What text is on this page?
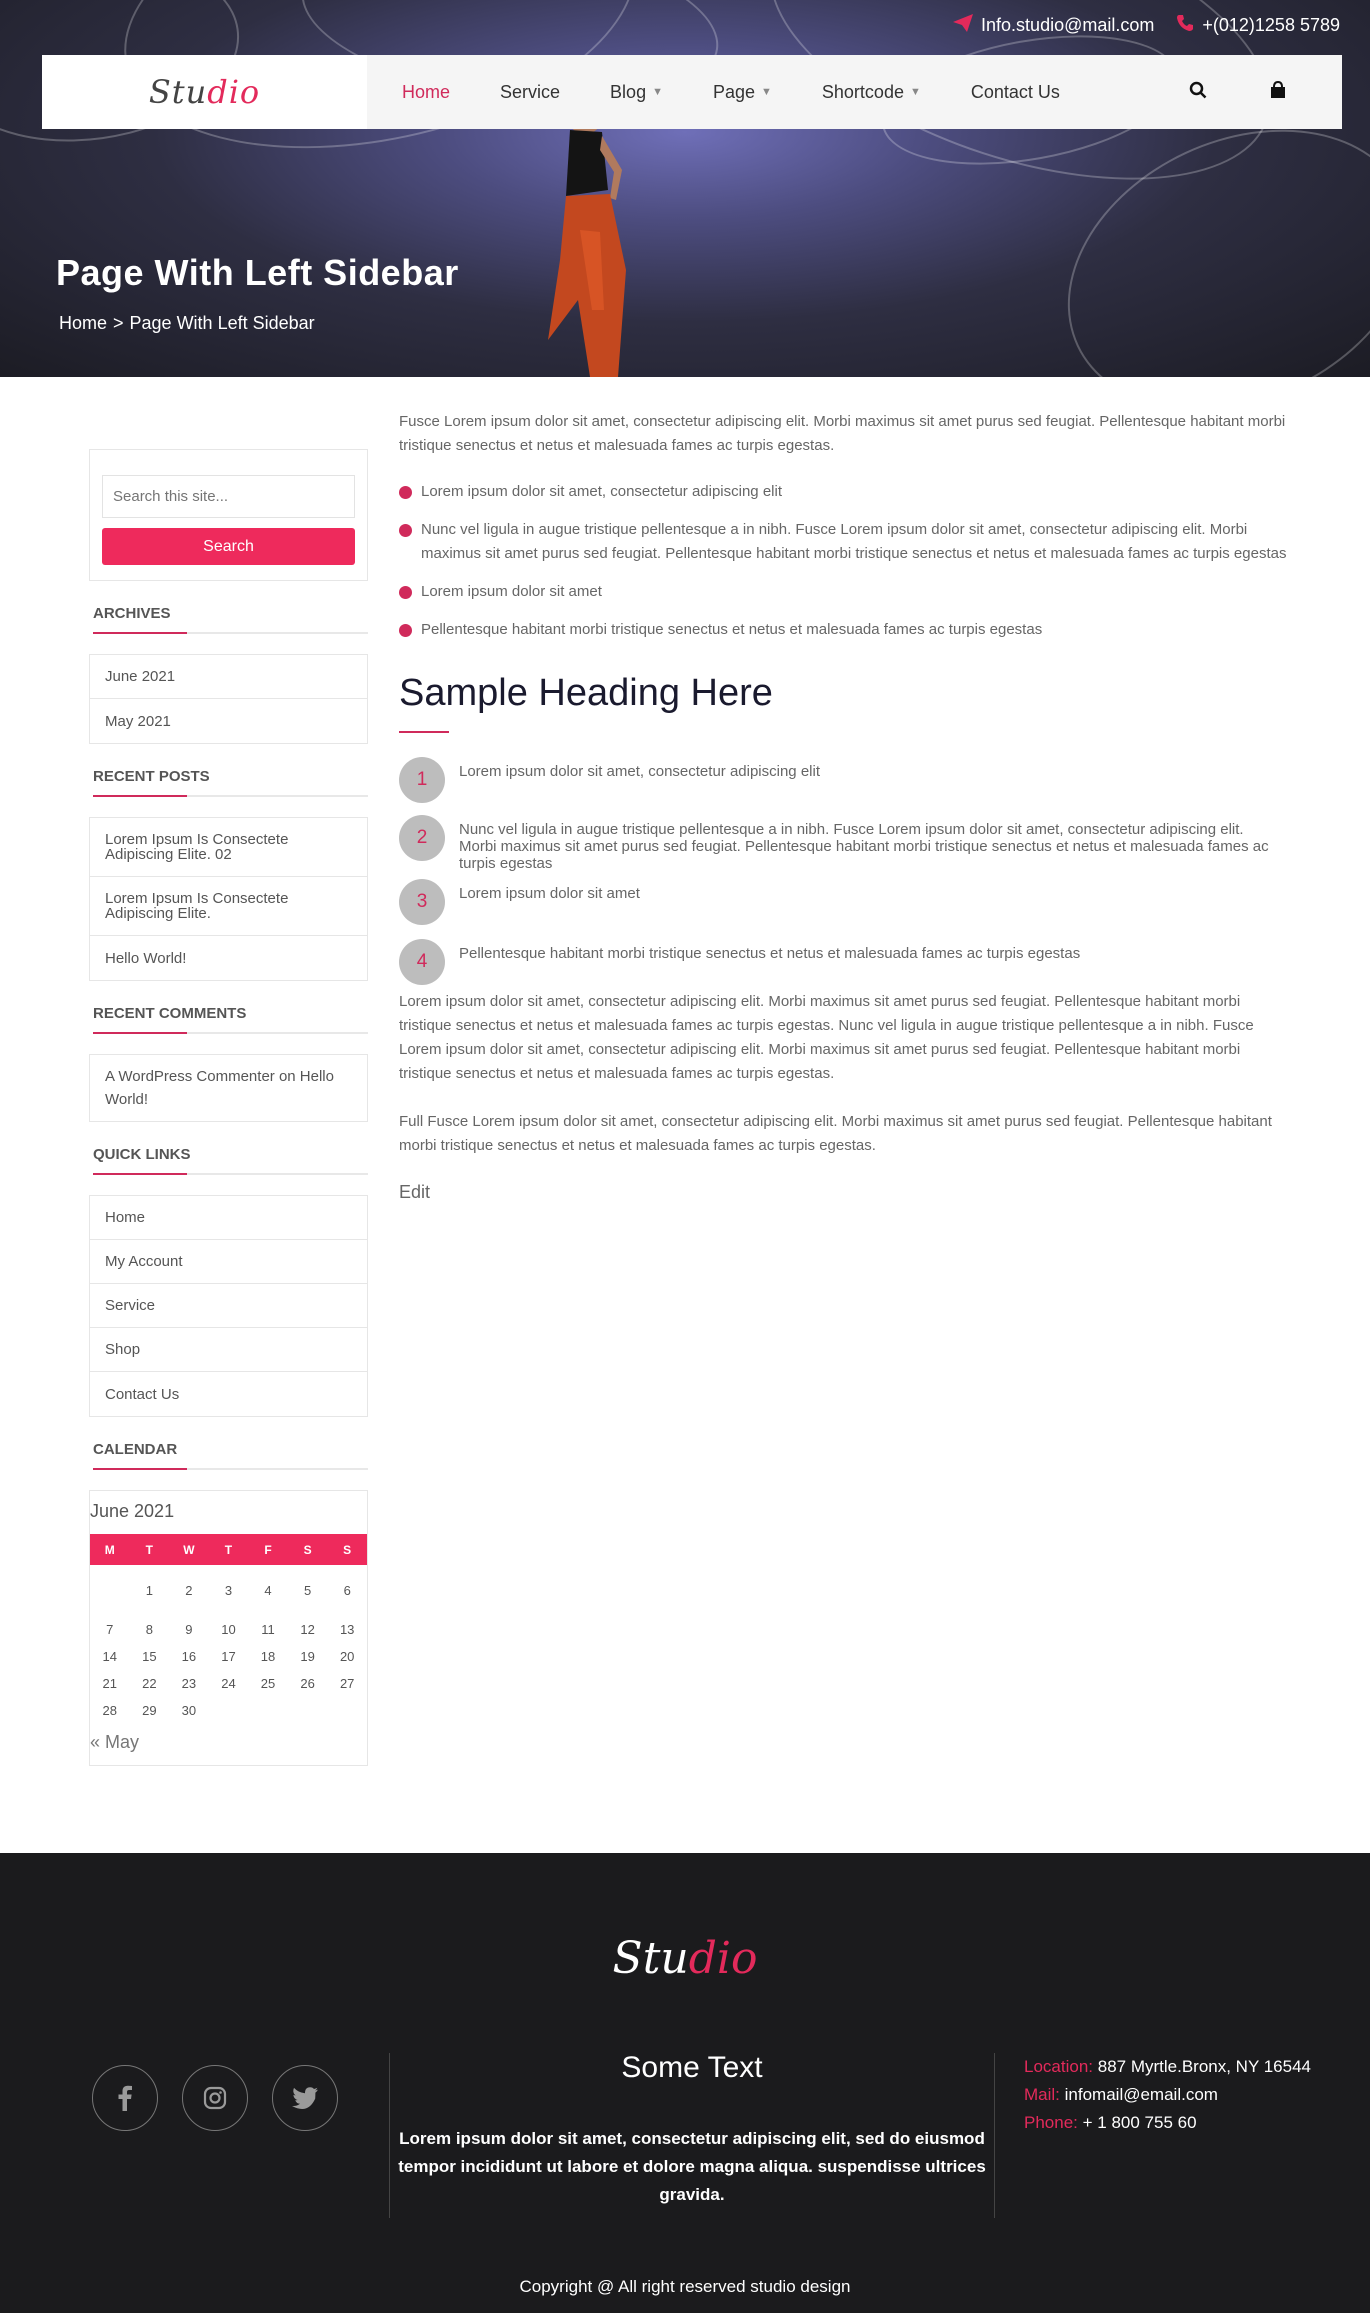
Info.studio@mail.com	+(012)1258 5789
Studio	Home	Service	Blog ▼	Page ▼	Shortcode ▼	Contact Us
Page With Left Sidebar
Home > Page With Left Sidebar
Search this site... Search
ARCHIVES
June 2021
May 2021
RECENT POSTS
Lorem Ipsum Is Consectete Adipiscing Elite. 02
Lorem Ipsum Is Consectete Adipiscing Elite.
Hello World!
RECENT COMMENTS
A WordPress Commenter on Hello World!
QUICK LINKS
Home
My Account
Service
Shop
Contact Us
CALENDAR
June 2021
M	T	W	T	F	S	S

	1	2	3	4	5	6

7	8	9	10	11	12	13
14	15	16	17	18	19	20
21	22	23	24	25	26	27
28	29	30				
« May

Fusce Lorem ipsum dolor sit amet, consectetur adipiscing elit. Morbi maximus sit amet purus sed feugiat. Pellentesque habitant morbi tristique senectus et netus et malesuada fames ac turpis egestas.

Lorem ipsum dolor sit amet, consectetur adipiscing elit
Nunc vel ligula in augue tristique pellentesque a in nibh. Fusce Lorem ipsum dolor sit amet, consectetur adipiscing elit. Morbi maximus sit amet purus sed feugiat. Pellentesque habitant morbi tristique senectus et netus et malesuada fames ac turpis egestas
Lorem ipsum dolor sit amet
Pellentesque habitant morbi tristique senectus et netus et malesuada fames ac turpis egestas
Sample Heading Here
1	Lorem ipsum dolor sit amet, consectetur adipiscing elit
2	Nunc vel ligula in augue tristique pellentesque a in nibh. Fusce Lorem ipsum dolor sit amet, consectetur adipiscing elit. Morbi maximus sit amet purus sed feugiat. Pellentesque habitant morbi tristique senectus et netus et malesuada fames ac turpis egestas
3	Lorem ipsum dolor sit amet
4	Pellentesque habitant morbi tristique senectus et netus et malesuada fames ac turpis egestas

Lorem ipsum dolor sit amet, consectetur adipiscing elit. Morbi maximus sit amet purus sed feugiat. Pellentesque habitant morbi tristique senectus et netus et malesuada fames ac turpis egestas. Nunc vel ligula in augue tristique pellentesque a in nibh. Fusce Lorem ipsum dolor sit amet, consectetur adipiscing elit. Morbi maximus sit amet purus sed feugiat. Pellentesque habitant morbi tristique senectus et netus et malesuada fames ac turpis egestas.

Full Fusce Lorem ipsum dolor sit amet, consectetur adipiscing elit. Morbi maximus sit amet purus sed feugiat. Pellentesque habitant morbi tristique senectus et netus et malesuada fames ac turpis egestas.

Edit
Studio
Some Text
Lorem ipsum dolor sit amet, consectetur adipiscing elit, sed do eiusmod tempor incididunt ut labore et dolore magna aliqua. suspendisse ultrices gravida.
Location: 887 Myrtle.Bronx, NY 16544
Mail: infomail@email.com
Phone: + 1 800 755 60
Copyright @ All right reserved studio design
